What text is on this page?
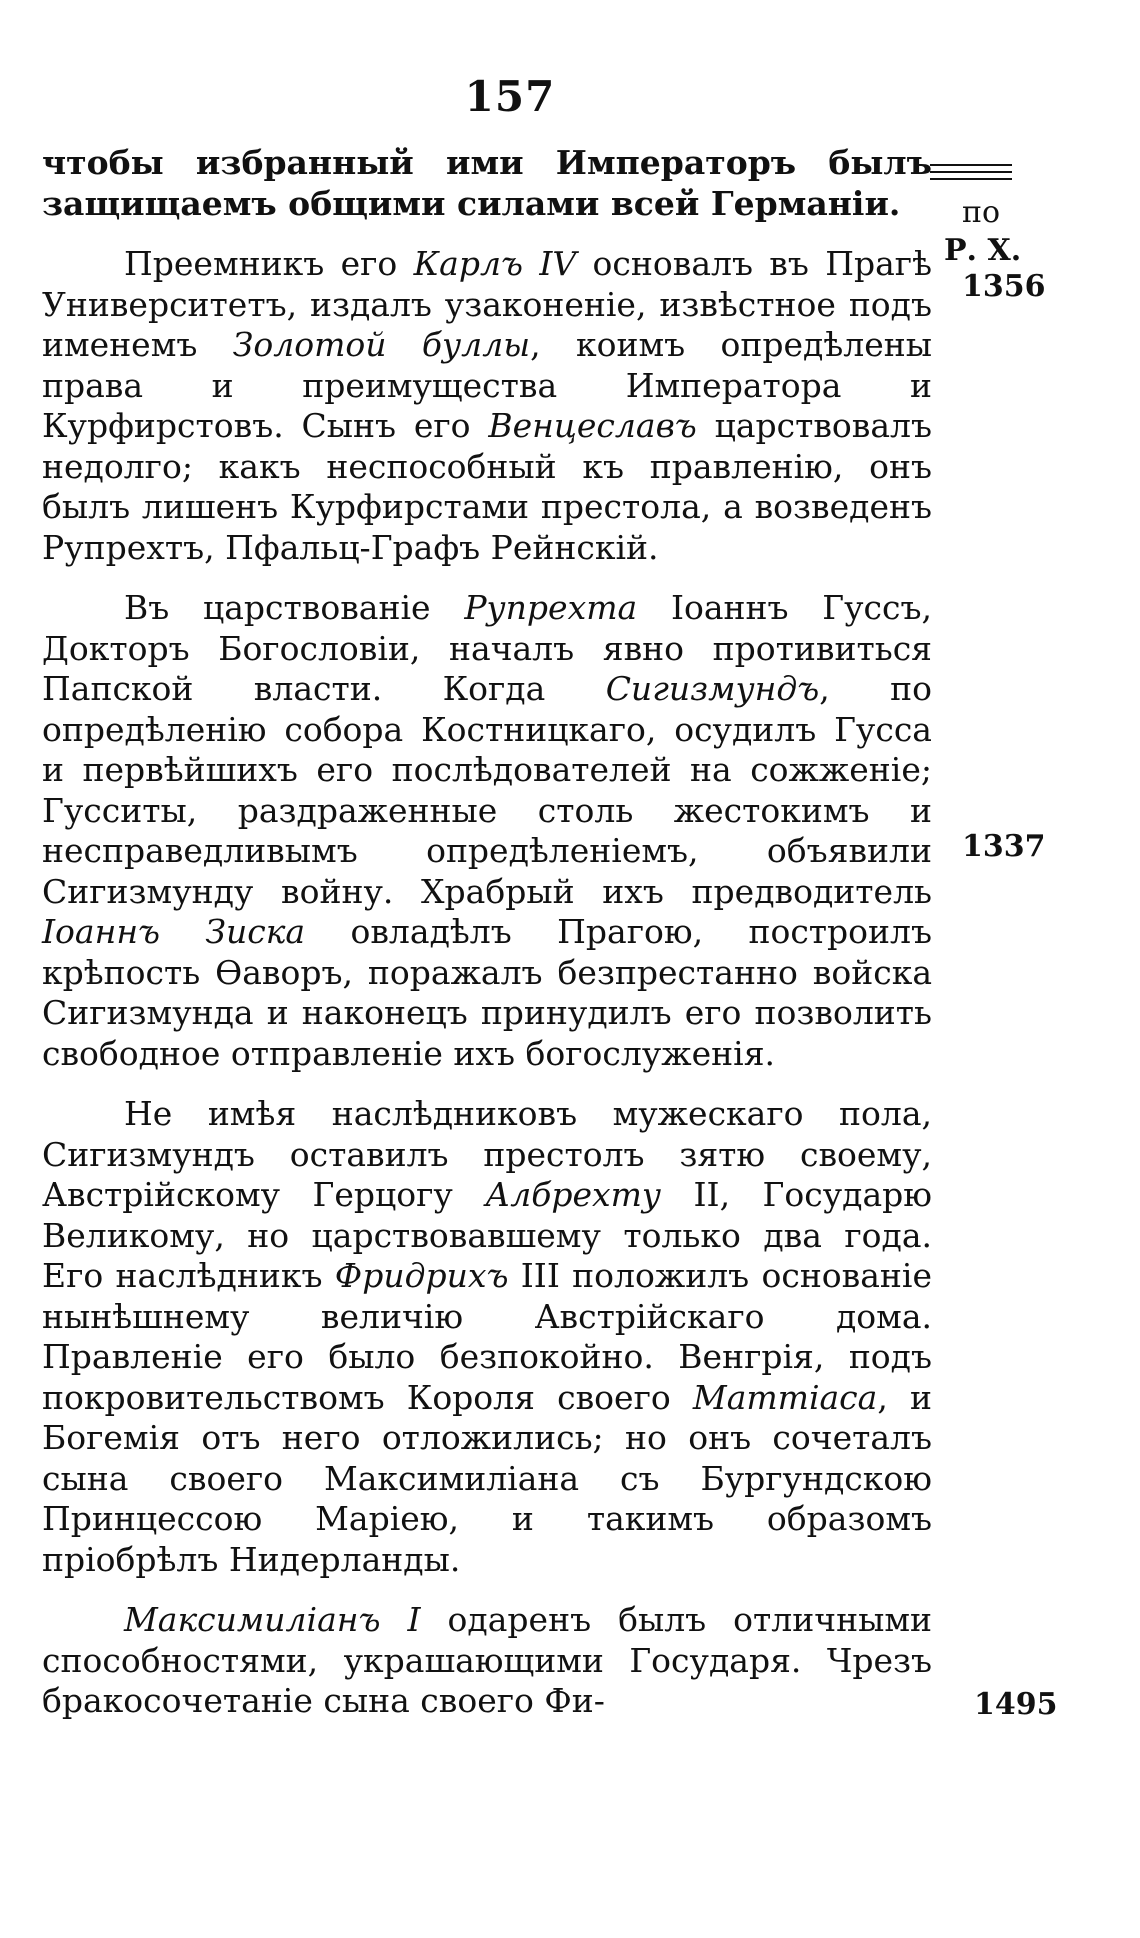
157
по
Р. Х.
1356
1337
1495

чтобы избранный ими Императоръ былъ защищаемъ общими силами всей Германіи.

Преемникъ его Карлъ IV основалъ въ Прагѣ Университетъ, издалъ узаконеніе, извѣстное подъ именемъ Золотой буллы, коимъ опредѣлены права и преимущества Императора и Курфирстовъ. Сынъ его Венцеславъ царствовалъ недолго; какъ неспособный къ правленію, онъ былъ лишенъ Курфирстами престола, а возведенъ Рупрехтъ, Пфальц-Графъ Рейнскій.

Въ царствованіе Рупрехта Іоаннъ Гуссъ, Докторъ Богословіи, началъ явно противиться Папской власти. Когда Сигизмундъ, по опредѣленію собора Костницкаго, осудилъ Гусса и первѣйшихъ его послѣдователей на сожженіе; Гусситы, раздраженные столь жестокимъ и несправедливымъ опредѣленіемъ, объявили Сигизмунду войну. Храбрый ихъ предводитель Іоаннъ Зиска овладѣлъ Прагою, построилъ крѣпость Ѳаворъ, поражалъ безпрестанно войска Сигизмунда и наконецъ принудилъ его позволить свободное отправленіе ихъ богослуженія.

Не имѣя наслѣдниковъ мужескаго пола, Сигизмундъ оставилъ престолъ зятю своему, Австрійскому Герцогу Албрехту II, Государю Великому, но царствовавшему только два года. Его наслѣдникъ Фридрихъ III положилъ основаніе нынѣшнему величію Австрійскаго дома. Правленіе его было безпокойно. Венгрія, подъ покровительствомъ Короля своего Маттіаса, и Богемія отъ него отложились; но онъ сочеталъ сына своего Максимиліана съ Бургундскою Принцессою Маріею, и такимъ образомъ пріобрѣлъ Нидерланды.

Максимиліанъ I одаренъ былъ отличными способностями, украшающими Государя. Чрезъ бракосочетаніе сына своего Фи-
